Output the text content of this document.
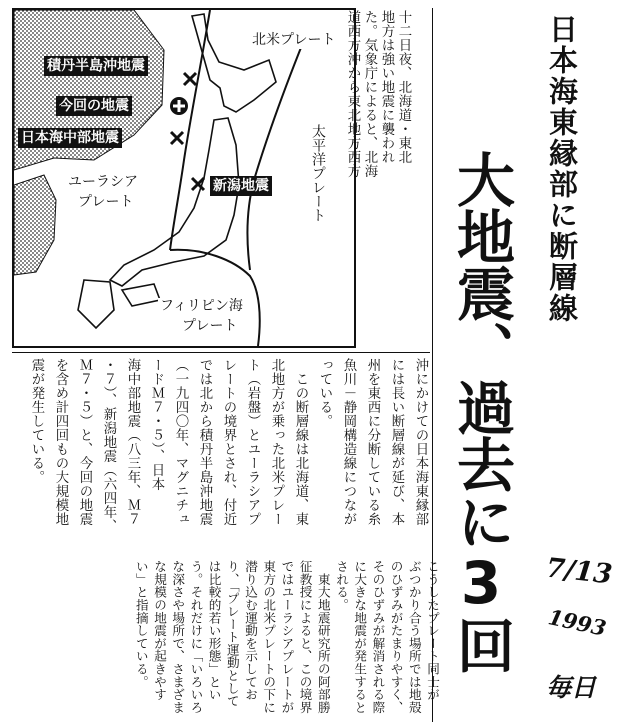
日本海東縁部に断層線
大地震、過去に3回 7/13
1993
毎日
北米プレート
積丹半島沖地震
今回の地震
日本海中部地震
新潟地震
ユーラシア
プレート	太平洋プレート
フィリピン海
プレート
十二日夜、北海道・東北
地方は強い地震に襲われ
た。気象庁によると、北海
道西方沖から東北地方西方
沖にかけての日本海東縁部
には長い断層線が延び、本
州を東西に分断している糸
魚川－静岡構造線につなが
っている。
　この断層線は北海道、東
北地方が乗った北米プレー
ト（岩盤）とユーラシアプ
レートの境界とされ、付近
では北から積丹半島沖地震
（一九四〇年、マグニチュ
ードＭ７・５）、日本
海中部地震（八三年、Ｍ７
・７）、新潟地震（六四年、
Ｍ７・５）と、今回の地震
を含め計四回もの大規模地
震が発生している。
こうしたプレート同士が
ぶつかり合う場所では地殻
のひずみがたまりやすく、
そのひずみが解消される際
に大きな地震が発生すると
される。
　東大地震研究所の阿部勝
征教授によると、この境界
ではユーラシアプレートが
東方の北米プレートの下に
潜り込む運動を示してお
り、「プレート運動として
は比較的若い形態」とい
う。それだけに「いろいろ
な深さや場所で、さまざま
な規模の地震が起きやす
い」と指摘している。
